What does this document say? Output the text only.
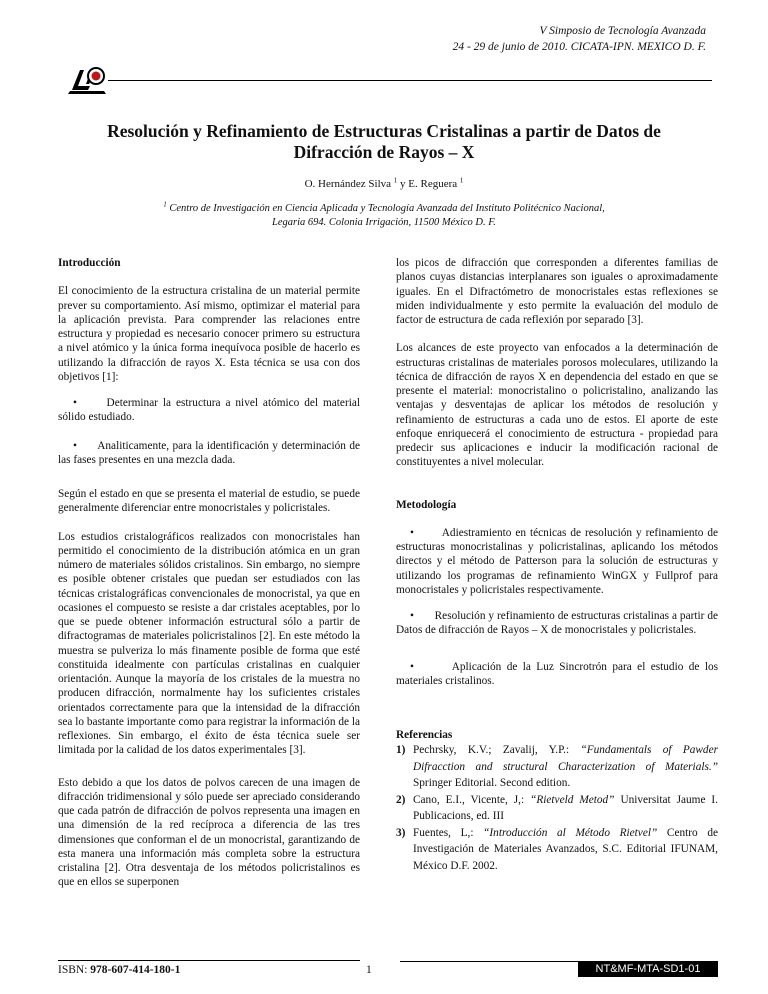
V Simposio de Tecnología Avanzada
24 - 29 de junio de 2010. CICATA-IPN. MEXICO D. F.
Resolución y Refinamiento de Estructuras Cristalinas a partir de Datos de
Difracción de Rayos – X
O. Hernández Silva $^1$ y E. Reguera $^1$
$^1$ Centro de Investigación en Ciencia Aplicada y Tecnología Avanzada del Instituto Politécnico Nacional,
Legaria 694. Colonia Irrigación, 11500 México D. F.

Introducción

El conocimiento de la estructura cristalina de un material permite prever su comportamiento. Así mismo, optimizar el material para la aplicación prevista. Para comprender las relaciones entre estructura y propiedad es necesario conocer primero su estructura a nivel atómico y la única forma inequívoca posible de hacerlo es utilizando la difracción de rayos X. Esta técnica se usa con dos objetivos [1]:

•      Determinar la estructura a nivel atómico del material sólido estudiado.

•      Analiticamente, para la identificación y determinación de las fases presentes en una mezcla dada.

Según el estado en que se presenta el material de estudio, se puede generalmente diferenciar entre monocristales y policristales.

Los estudios cristalográficos realizados con monocristales han permitido el conocimiento de la distribución atómica en un gran número de materiales sólidos cristalinos. Sin embargo, no siempre es posible obtener cristales que puedan ser estudiados con las técnicas cristalográficas convencionales de monocristal, ya que en ocasiones el compuesto se resiste a dar cristales aceptables, por lo que se puede obtener información estructural sólo a partir de difractogramas de materiales policristalinos [2]. En este método la muestra se pulveriza lo más finamente posible de forma que esté constituida idealmente con partículas cristalinas en cualquier orientación. Aunque la mayoría de los cristales de la muestra no producen difracción, normalmente hay los suficientes cristales orientados correctamente para que la intensidad de la difracción sea lo bastante importante como para registrar la información de la reflexiones. Sin embargo, el éxito de ésta técnica suele ser limitada por la calidad de los datos experimentales [3].

Esto debido a que los datos de polvos carecen de una imagen de difracción tridimensional y sólo puede ser apreciado considerando que cada patrón de difracción de polvos representa una imagen en una dimensión de la red recíproca a diferencia de las tres dimensiones que conforman el de un monocristal, garantizando de esta manera una información más completa sobre la estructura cristalina [2]. Otra desventaja de los métodos policristalinos es que en ellos se superponen

los picos de difracción que corresponden a diferentes familias de planos cuyas distancias interplanares son iguales o aproximadamente iguales. En el Difractómetro de monocristales estas reflexiones se miden individualmente y esto permite la evaluación del modulo de factor de estructura de cada reflexión por separado [3].

Los alcances de este proyecto van enfocados a la determinación de estructuras cristalinas de materiales porosos moleculares, utilizando la técnica de difracción de rayos X en dependencia del estado en que se presente el material: monocristalino o policristalino, analizando las ventajas y desventajas de aplicar los métodos de resolución y refinamiento de estructuras a cada uno de estos. El aporte de este enfoque enriquecerá el conocimiento de estructura - propiedad para predecir sus aplicaciones e inducir la modificación racional de constituyentes a nivel molecular.

Metodología

•       Adiestramiento en técnicas de resolución y refinamiento de estructuras monocristalinas y policristalinas, aplicando los métodos directos y el método de Patterson para la solución de estructuras y utilizando los programas de refinamiento WinGX y Fullprof para monocristales y policristales respectivamente.

•       Resolución y refinamiento de estructuras cristalinas a partir de Datos de difracción de Rayos – X de monocristales y policristales.

•       Aplicación de la Luz Sincrotrón para el estudio de los materiales cristalinos.

Referencias

1) Pechrsky, K.V.; Zavalij, Y.P.: “Fundamentals of Pawder Difracction and structural Characterization of Materials.” Springer Editorial. Second edition.
2) Cano, E.I., Vicente, J,: “Rietveld Metod” Universitat Jaume I. Publicacions, ed. III
3) Fuentes, L,: “Introducción al Método Rietvel” Centro de Investigación de Materiales Avanzados, S.C. Editorial IFUNAM, México D.F. 2002.
ISBN: 978-607-414-180-1	1	NT&MF-MTA-SD1-01
